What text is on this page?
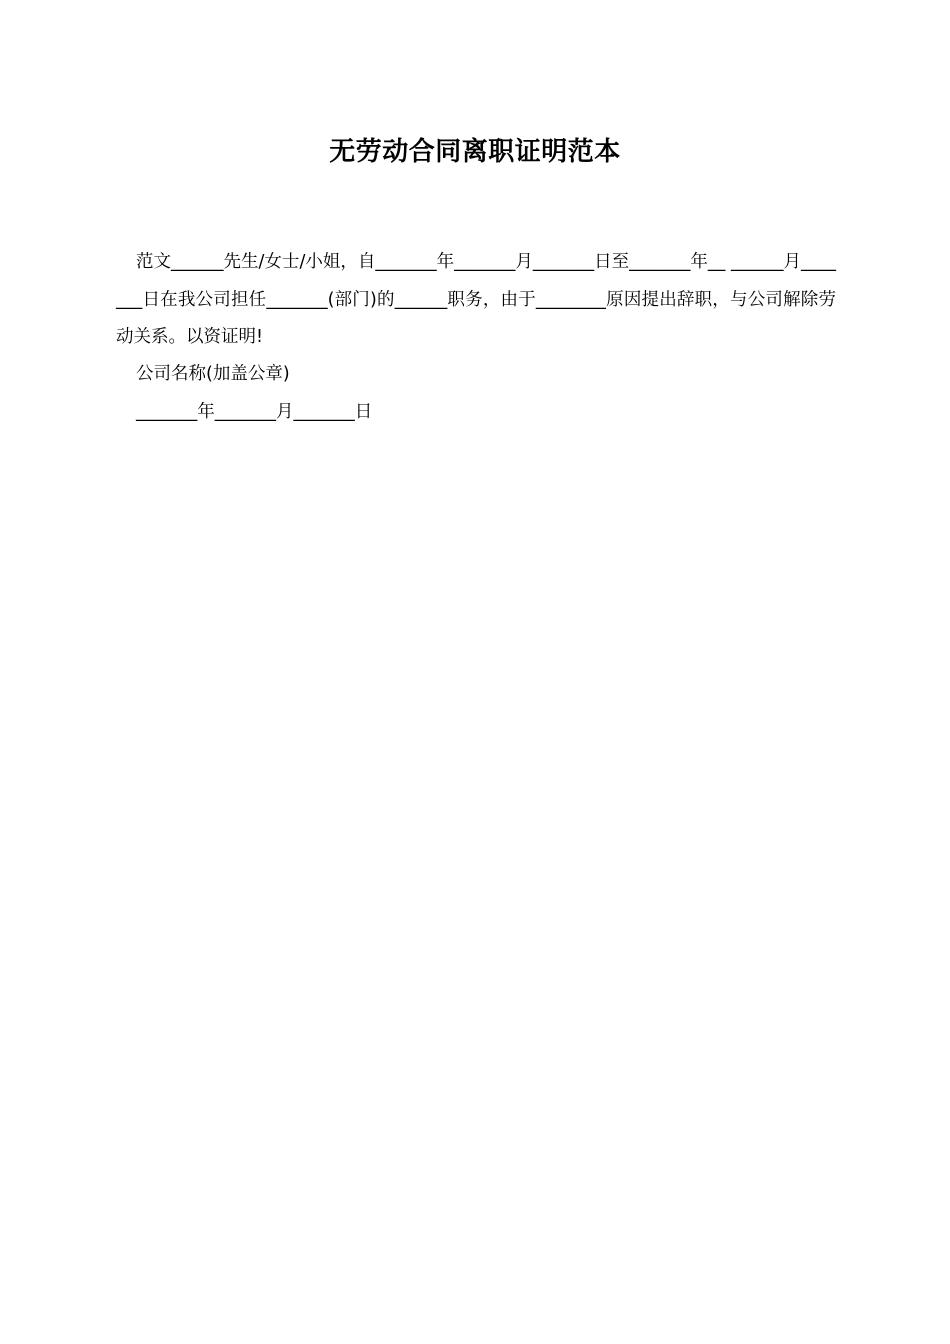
无劳动合同离职证明范本
范文______先生/女士/小姐，自_______年_______月_______日至_______年__ ______月_______日在我公司担任_______(部门)的______职务，由于________原因提出辞职，与公司解除劳动关系。以资证明!
公司名称(加盖公章)
_______年_______月_______日
